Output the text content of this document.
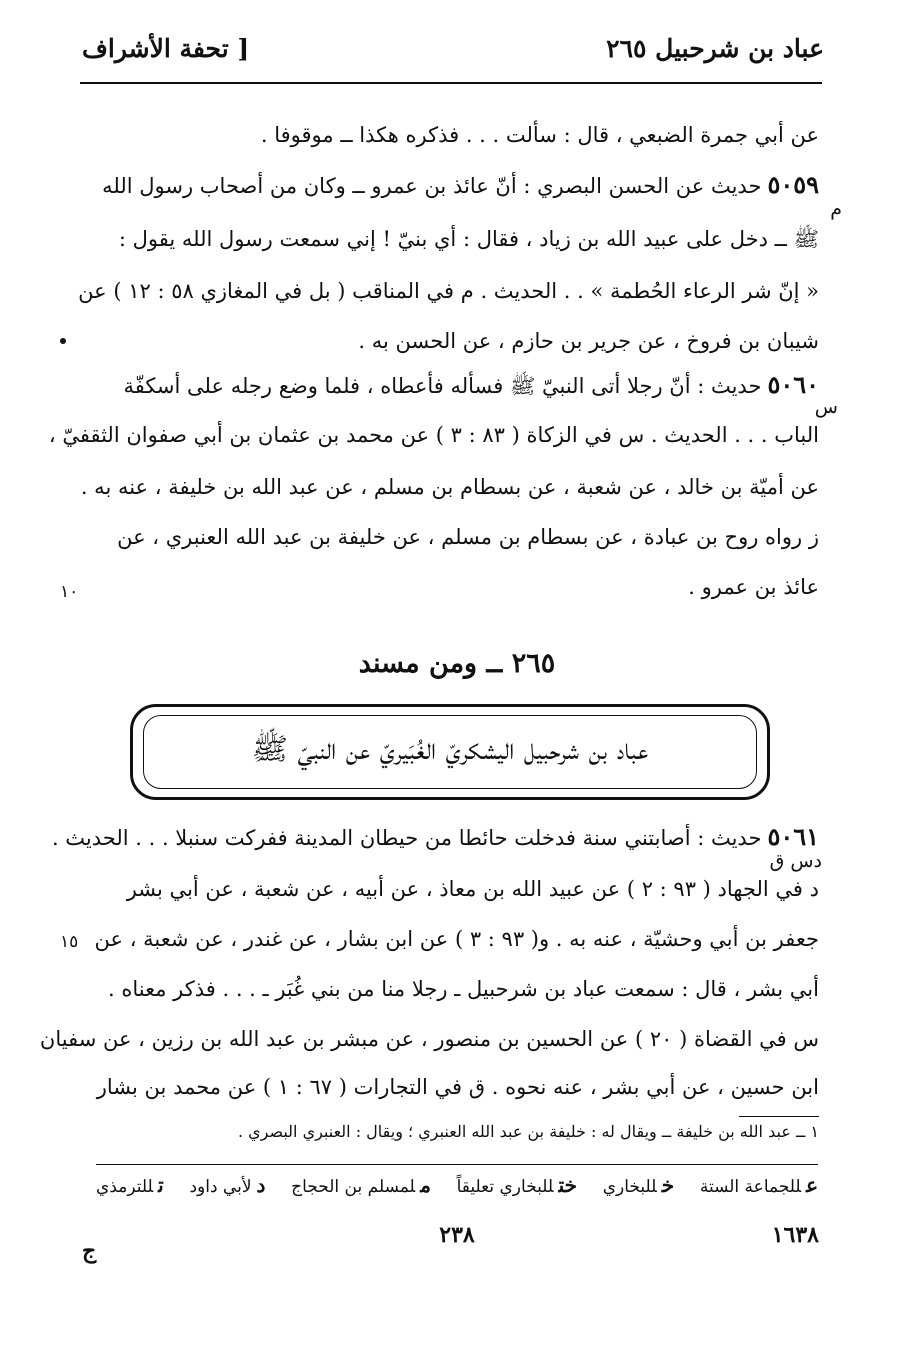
عباد بن شرحبيل ٢٦٥
[ تحفة الأشراف
عن أبي جمرة الضبعي ، قال : سألت . . . فذكره هكذا ــ موقوفا .
٥٠٥٩حديث عن الحسن البصري : أنّ عائذ بن عمرو ــ وكان من أصحاب رسول الله
م
ﷺ ــ دخل على عبيد الله بن زياد ، فقال : أي بنيّ ! إني سمعت رسول الله يقول :
« إنّ شر الرعاء الحُطمة » . . الحديث . م في المناقب ( بل في المغازي ٥٨ : ١٢ ) عن
شيبان بن فروخ ، عن جرير بن حازم ، عن الحسن به .
٥٠٦٠حديث : أنّ رجلا أتى النبيّ ﷺ فسأله فأعطاه ، فلما وضع رجله على أسكفّة
س
الباب . . . الحديث . س في الزكاة ( ٨٣ : ٣ ) عن محمد بن عثمان بن أبي صفوان الثقفيّ ،
عن أميّة بن خالد ، عن شعبة ، عن بسطام بن مسلم ، عن عبد الله بن خليفة ، عنه به .
ز رواه روح بن عبادة ، عن بسطام بن مسلم ، عن خليفة بن عبد الله العنبري ، عن
عائذ بن عمرو .
١٠
٢٦٥ ــ ومن مسند
عباد بن شرحبيل اليشكريّ الغُبَيريّ عن النبيّ ﷺ
٥٠٦١حديث : أصابتني سنة فدخلت حائطا من حيطان المدينة ففركت سنبلا . . . الحديث .
دس ق
د في الجهاد ( ٩٣ : ٢ ) عن عبيد الله بن معاذ ، عن أبيه ، عن شعبة ، عن أبي بشر
جعفر بن أبي وحشيّة ، عنه به . و( ٩٣ : ٣ ) عن ابن بشار ، عن غندر ، عن شعبة ، عن
١٥
أبي بشر ، قال : سمعت عباد بن شرحبيل ـ رجلا منا من بني غُبَر ـ . . . فذكر معناه .
س في القضاة ( ٢٠ ) عن الحسين بن منصور ، عن مبشر بن عبد الله بن رزين ، عن سفيان
ابن حسين ، عن أبي بشر ، عنه نحوه . ق في التجارات ( ٦٧ : ١ ) عن محمد بن بشار
١ ــ عبد الله بن خليفة ــ ويقال له : خليفة بن عبد الله العنبري ؛ ويقال : العنبري البصري .
عللجماعة الستة
خللبخاري
ختللبخاري تعليقاً
ملمسلم بن الحجاج
دلأبي داود
تللترمذي
١٦٣٨
٢٣٨
ج
